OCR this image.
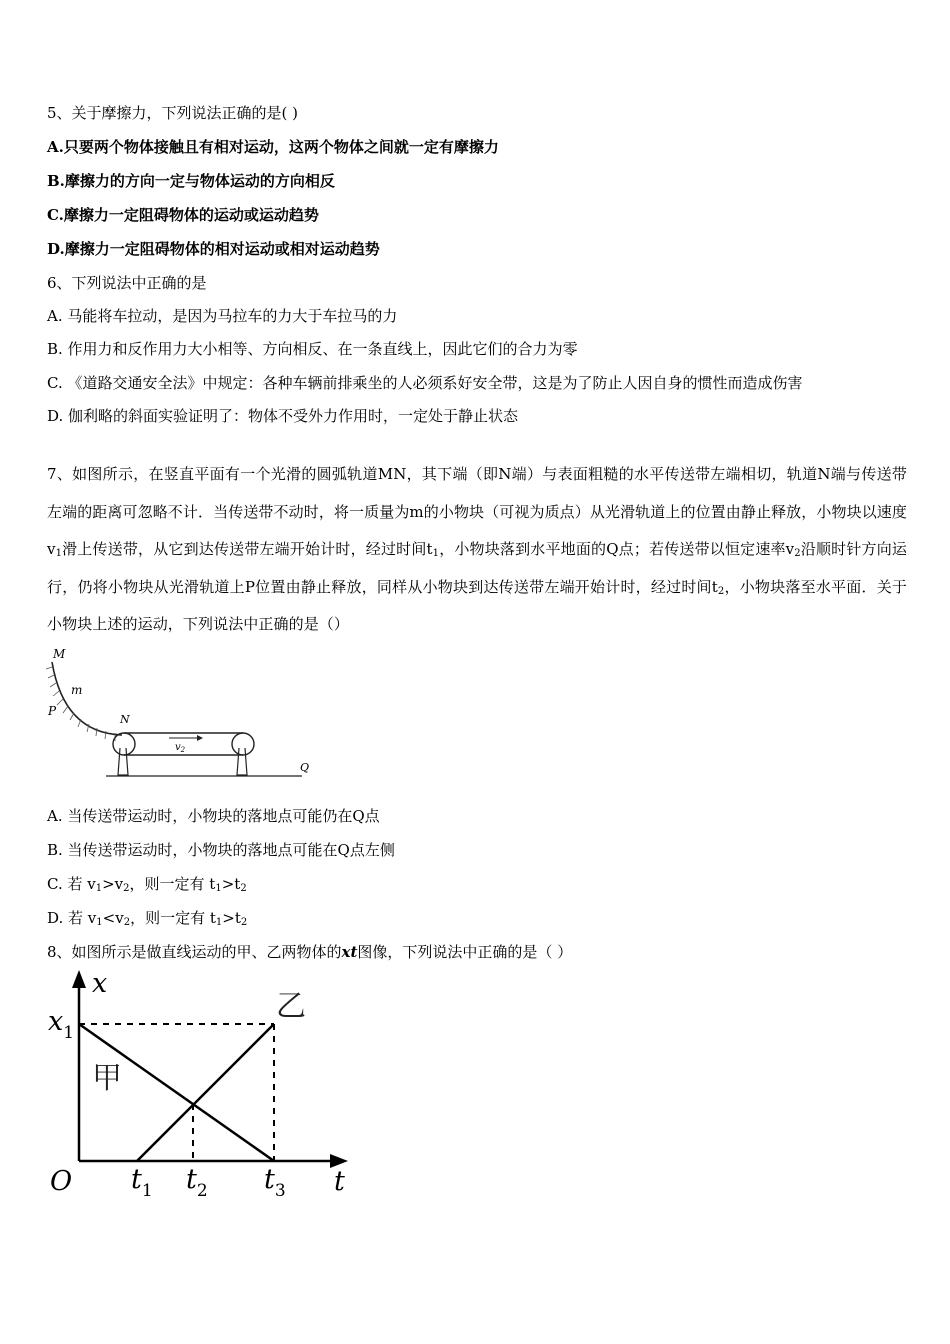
5、关于摩擦力，下列说法正确的是( )
A.只要两个物体接触且有相对运动，这两个物体之间就一定有摩擦力
B.摩擦力的方向一定与物体运动的方向相反
C.摩擦力一定阻碍物体的运动或运动趋势
D.摩擦力一定阻碍物体的相对运动或相对运动趋势
6、下列说法中正确的是
A. 马能将车拉动，是因为马拉车的力大于车拉马的力
B. 作用力和反作用力大小相等、方向相反、在一条直线上，因此它们的合力为零
C. 《道路交通安全法》中规定：各种车辆前排乘坐的人必须系好安全带，这是为了防止人因自身的惯性而造成伤害
D. 伽利略的斜面实验证明了：物体不受外力作用时，一定处于静止状态
7、如图所示，在竖直平面有一个光滑的圆弧轨道MN，其下端（即N端）与表面粗糙的水平传送带左端相切，轨道N端与传送带左端的距离可忽略不计．当传送带不动时，将一质量为m的小物块（可视为质点）从光滑轨道上的位置由静止释放，小物块以速度$v_1$滑上传送带，从它到达传送带左端开始计时，经过时间$t_1$，小物块落到水平地面的Q点；若传送带以恒定速率$v_2$沿顺时针方向运行，仍将小物块从光滑轨道上P位置由静止释放，同样从小物块到达传送带左端开始计时，经过时间$t_2$，小物块落至水平面．关于小物块上述的运动，下列说法中正确的是（）
M
m
P
N
$v_2$
Q
A. 当传送带运动时，小物块的落地点可能仍在Q点
B. 当传送带运动时，小物块的落地点可能在Q点左侧
C. 若 $v_1>v_2$，则一定有 $t_1>t_2$
D. 若 $v_1<v_2$，则一定有 $t_1>t_2$
8、如图所示是做直线运动的甲、乙两物体的xt图像，下列说法中正确的是（ ）
x
t
O
$x_1$
$t_1$ $t_2$ $t_3$
甲
乙
